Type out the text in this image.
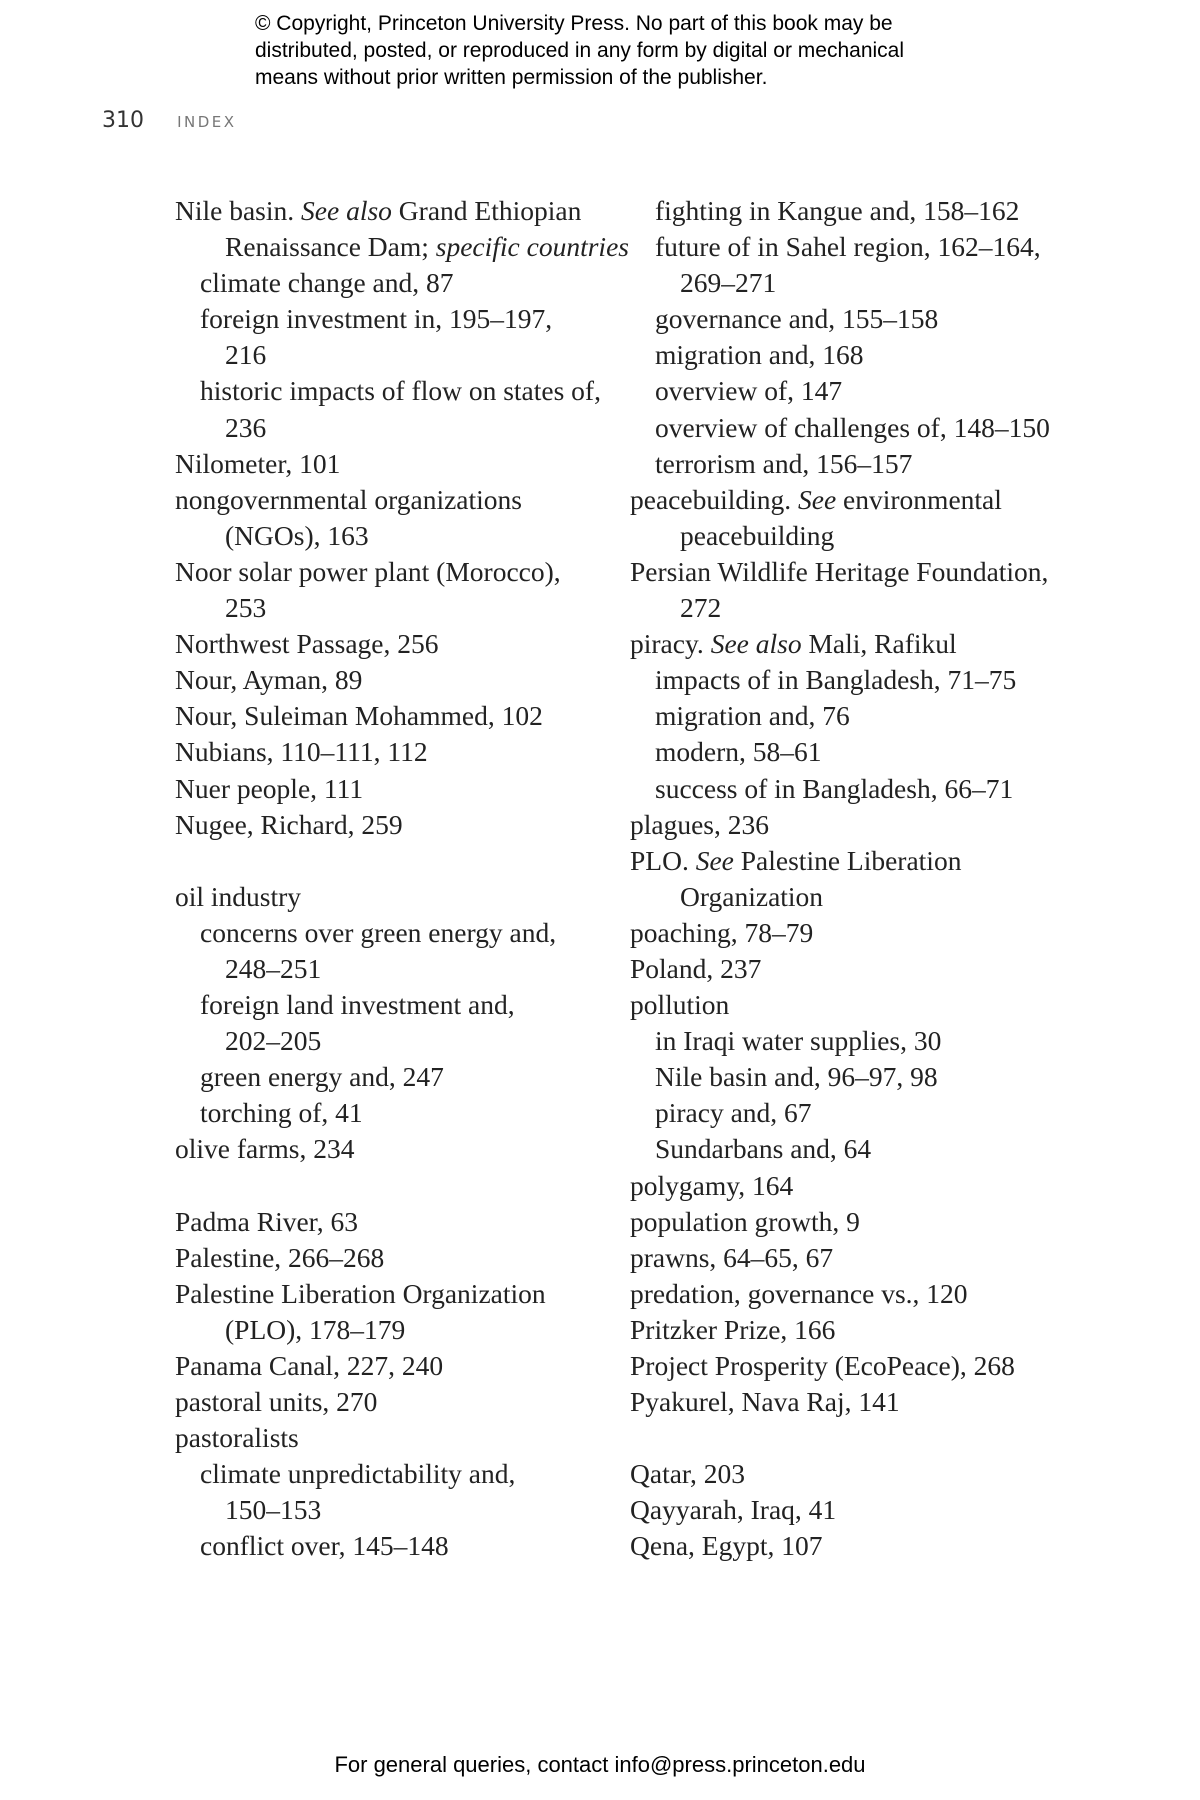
© Copyright, Princeton University Press. No part of this book may be
distributed, posted, or reproduced in any form by digital or mechanical
means without prior written permission of the publisher.
310 INDEX
Nile basin. See also Grand Ethiopian
Renaissance Dam; specific countries
climate change and, 87
foreign investment in, 195–197,
216
historic impacts of flow on states of,
236
Nilometer, 101
nongovernmental organizations
(NGOs), 163
Noor solar power plant (Morocco),
253
Northwest Passage, 256
Nour, Ayman, 89
Nour, Suleiman Mohammed, 102
Nubians, 110–111, 112
Nuer people, 111
Nugee, Richard, 259
oil industry
concerns over green energy and,
248–251
foreign land investment and,
202–205
green energy and, 247
torching of, 41
olive farms, 234
Padma River, 63
Palestine, 266–268
Palestine Liberation Organization
(PLO), 178–179
Panama Canal, 227, 240
pastoral units, 270
pastoralists
climate unpredictability and,
150–153
conflict over, 145–148
fighting in Kangue and, 158–162
future of in Sahel region, 162–164,
269–271
governance and, 155–158
migration and, 168
overview of, 147
overview of challenges of, 148–150
terrorism and, 156–157
peacebuilding. See environmental
peacebuilding
Persian Wildlife Heritage Foundation,
272
piracy. See also Mali, Rafikul
impacts of in Bangladesh, 71–75
migration and, 76
modern, 58–61
success of in Bangladesh, 66–71
plagues, 236
PLO. See Palestine Liberation
Organization
poaching, 78–79
Poland, 237
pollution
in Iraqi water supplies, 30
Nile basin and, 96–97, 98
piracy and, 67
Sundarbans and, 64
polygamy, 164
population growth, 9
prawns, 64–65, 67
predation, governance vs., 120
Pritzker Prize, 166
Project Prosperity (EcoPeace), 268
Pyakurel, Nava Raj, 141
Qatar, 203
Qayyarah, Iraq, 41
Qena, Egypt, 107
For general queries, contact info@press.princeton.edu
